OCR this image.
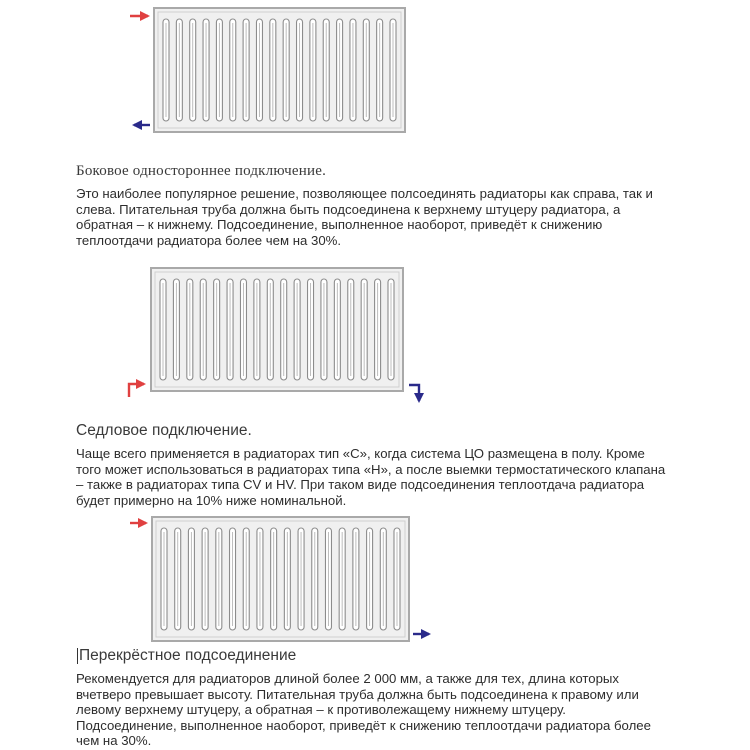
Боковое одностороннее подключение.
Это наиболее популярное решение, позволяющее полсоединять радиаторы как справа, так и
слева. Питательная труба должна быть подсоединена к верхнему штуцеру радиатора, а
обратная – к нижнему. Подсоединение, выполненное наоборот, приведёт к снижению
теплоотдачи радиатора более чем на 30%.
Седловое подключение.
Чаще всего применяется в радиаторах тип «С», когда система ЦО размещена в полу. Кроме
того может использоваться в радиаторах типа «Н», а после выемки термостатического клапана
– также в радиаторах типа CV и HV. При таком виде подсоединения теплоотдача радиатора
будет примерно на 10% ниже номинальной.
Перекрёстное подсоединение
Рекомендуется для радиаторов длиной более 2 000 мм, а также для тех, длина которых
вчетверо превышает высоту. Питательная труба должна быть подсоединена к правому или
левому верхнему штуцеру, а обратная – к противолежащему нижнему штуцеру.
Подсоединение, выполненное наоборот, приведёт к снижению теплоотдачи радиатора более
чем на 30%.
